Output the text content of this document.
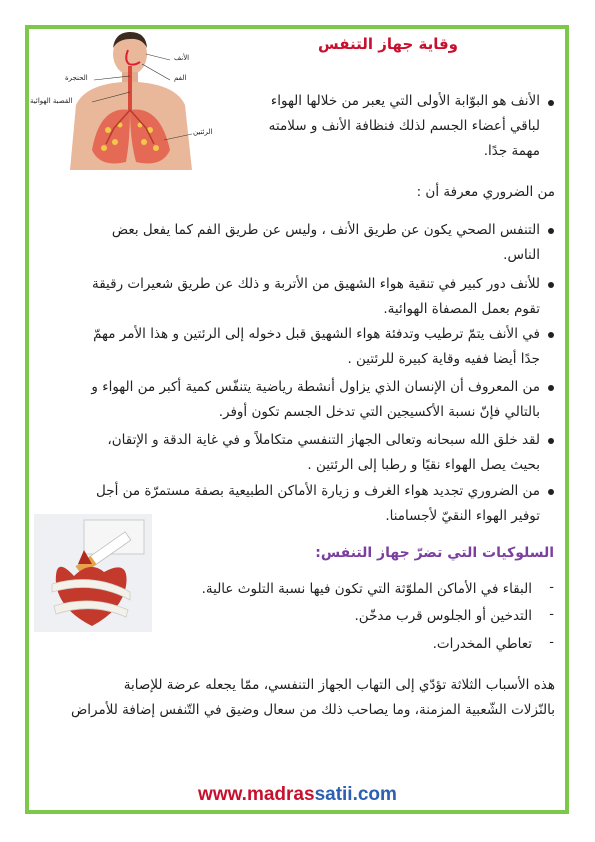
الأنف
الفم
الحنجرة
القصبة الهوائية
الرئتين
وقاية جهاز التنفس
الأنف هو البوّابة الأولى التي يعبر من خلالها الهواء
لباقي أعضاء الجسم لذلك فنظافة الأنف و سلامته
مهمة جدًا.
من الضروري معرفة أن :
التنفس الصحي يكون عن طريق الأنف ، وليس عن طريق الفم كما يفعل بعض
الناس.
للأنف دور كبير في تنقية هواء الشهيق من الأتربة و ذلك عن طريق شعيرات رقيقة
تقوم بعمل المصفاة الهوائية.
في الأنف يتمّ ترطيب وتدفئة هواء الشهيق قبل دخوله إلى الرئتين و هذا الأمر مهمّ
جدًا أيضا ففيه وقاية كبيرة للرئتين .
من المعروف أن الإنسان الذي يزاول أنشطة رياضية يتنفّس كمية أكبر من الهواء و
بالتالي فإنّ نسبة الأكسيجين التي تدخل الجسم تكون أوفر.
لقد خلق الله سبحانه وتعالى الجهاز التنفسي متكاملاً و في غاية الدقة و الإتقان،
بحيث يصل الهواء نقيًا و رطبا إلى الرئتين .
من الضروري تجديد هواء الغرف و زيارة الأماكن الطبيعية بصفة مستمرّة من أجل
توفير الهواء النقيّ لأجسامنا.
السلوكيات التي تضرّ جهاز التنفس:
-
البقاء في الأماكن الملوّثة التي تكون فيها نسبة التلوث عالية.
-
التدخين أو الجلوس قرب مدخّن.
-
تعاطي المخدرات.
هذه الأسباب الثلاثة تؤدّي إلى التهاب الجهاز التنفسي، ممّا يجعله عرضة للإصابة
بالنّزلات الشّعبية المزمنة، وما يصاحب ذلك من سعال وضيق في التّنفس إضافة للأمراض
www.madrassatii.com
